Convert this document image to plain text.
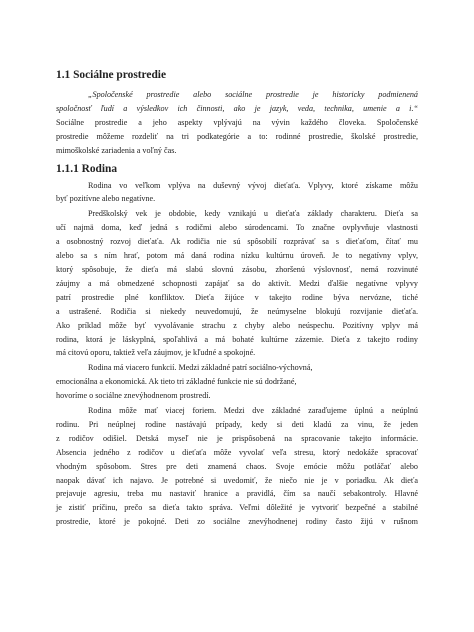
1.1 Sociálne prostredie
„Spoločenské prostredie alebo sociálne prostredie je historicky podmienená
spoločnosť ľudí a výsledkov ich činnosti, ako je jazyk, veda, technika, umenie a i.“
Sociálne prostredie a jeho aspekty vplývajú na vývin každého človeka. Spoločenské
prostredie môžeme rozdeliť na tri podkategórie a to: rodinné prostredie, školské prostredie,
mimoškolské zariadenia a voľný čas.
1.1.1 Rodina
Rodina vo veľkom vplýva na duševný vývoj dieťaťa. Vplyvy, ktoré získame môžu
byť pozitívne alebo negatívne.
Predškolský vek je obdobie, kedy vznikajú u dieťaťa základy charakteru. Dieťa sa
učí najmä doma, keď jedná s rodičmi alebo súrodencami. To značne ovplyvňuje vlastnosti
a osobnostný rozvoj dieťaťa. Ak rodičia nie sú spôsobilí rozprávať sa s dieťaťom, čítať mu
alebo sa s ním hrať, potom má daná rodina nízku kultúrnu úroveň. Je to negatívny vplyv,
ktorý spôsobuje, že dieťa má slabú slovnú zásobu, zhoršenú výslovnosť, nemá rozvinuté
záujmy a má obmedzené schopnosti zapájať sa do aktivít. Medzi ďalšie negatívne vplyvy
patrí prostredie plné konfliktov. Dieťa žijúce v takejto rodine býva nervózne, tiché
a ustrašené. Rodičia si niekedy neuvedomujú, že neúmyselne blokujú rozvijanie dieťaťa.
Ako príklad môže byť vyvolávanie strachu z chyby alebo neúspechu. Pozitívny vplyv má
rodina, ktorá je láskyplná, spoľahlivá a má bohaté kultúrne zázemie. Dieťa z takejto rodiny
má citovú oporu, taktiež veľa záujmov, je kľudné a spokojné.
Rodina má viacero funkcií. Medzi základné patrí sociálno-výchovná,
emocionálna a ekonomická. Ak tieto tri základné funkcie nie sú dodržané,
hovoríme o sociálne znevýhodnenom prostredí.
Rodina môže mať viacej foriem. Medzi dve základné zaraďujeme úplnú a neúplnú
rodinu. Pri neúplnej rodine nastávajú prípady, kedy si deti kladú za vinu, že jeden
z rodičov odišiel. Detská myseľ nie je prispôsobená na spracovanie takejto informácie.
Absencia jedného z rodičov u dieťaťa môže vyvolať veľa stresu, ktorý nedokáže spracovať
vhodným spôsobom. Stres pre deti znamená chaos. Svoje emócie môžu potláčať alebo
naopak dávať ich najavo. Je potrebné si uvedomiť, že niečo nie je v poriadku. Ak dieťa
prejavuje agresiu, treba mu nastaviť hranice a pravidlá, čím sa naučí sebakontroly. Hlavné
je zistiť príčinu, prečo sa dieťa takto správa. Veľmi dôležité je vytvoriť bezpečné a stabilné
prostredie, ktoré je pokojné. Deti zo sociálne znevýhodnenej rodiny často žijú v rušnom
